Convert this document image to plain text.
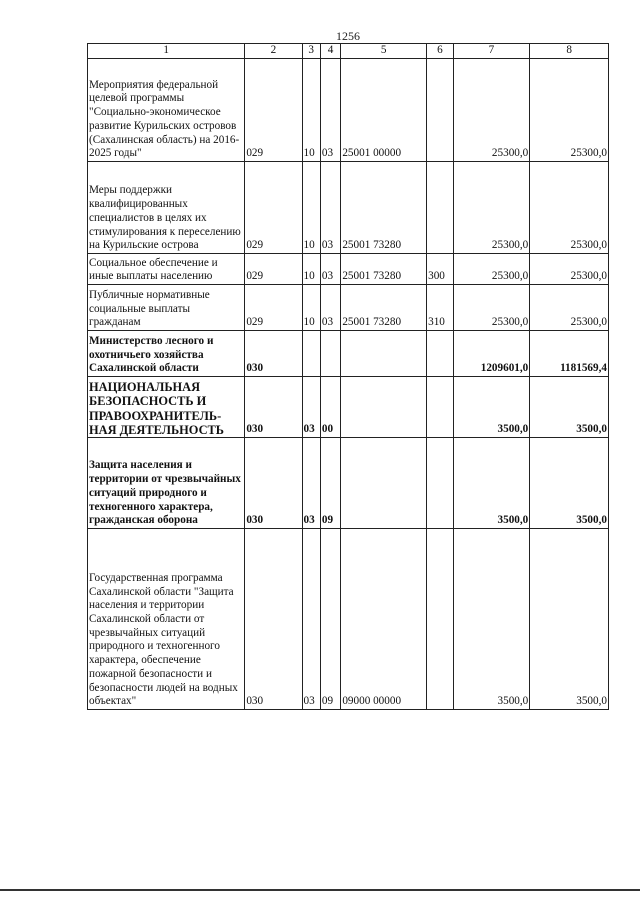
1256
1	2	3	4	5	6	7	8
Мероприятия федеральной целевой программы "Социально-экономическое развитие Курильских островов (Сахалинская область) на 2016-2025 годы"	029	10	03	25001 00000		25300,0	25300,0
Меры поддержки квалифицированных специалистов в целях их стимулирования к переселению на Курильские острова	029	10	03	25001 73280		25300,0	25300,0
Социальное обеспечение и иные выплаты населению	029	10	03	25001 73280	300	25300,0	25300,0
Публичные нормативные социальные выплаты гражданам	029	10	03	25001 73280	310	25300,0	25300,0
Министерство лесного и охотничьего хозяйства Сахалинской области	030					1209601,0	1181569,4
НАЦИОНАЛЬНАЯ БЕЗОПАСНОСТЬ И ПРАВООХРАНИТЕЛЬ-НАЯ ДЕЯТЕЛЬНОСТЬ	030	03	00			3500,0	3500,0
Защита населения и территории от чрезвычайных ситуаций природного и техногенного характера, гражданская оборона	030	03	09			3500,0	3500,0
Государственная программа Сахалинской области "Защита населения и территории Сахалинской области от чрезвычайных ситуаций природного и техногенного характера, обеспечение пожарной безопасности и безопасности людей на водных объектах"	030	03	09	09000 00000		3500,0	3500,0
